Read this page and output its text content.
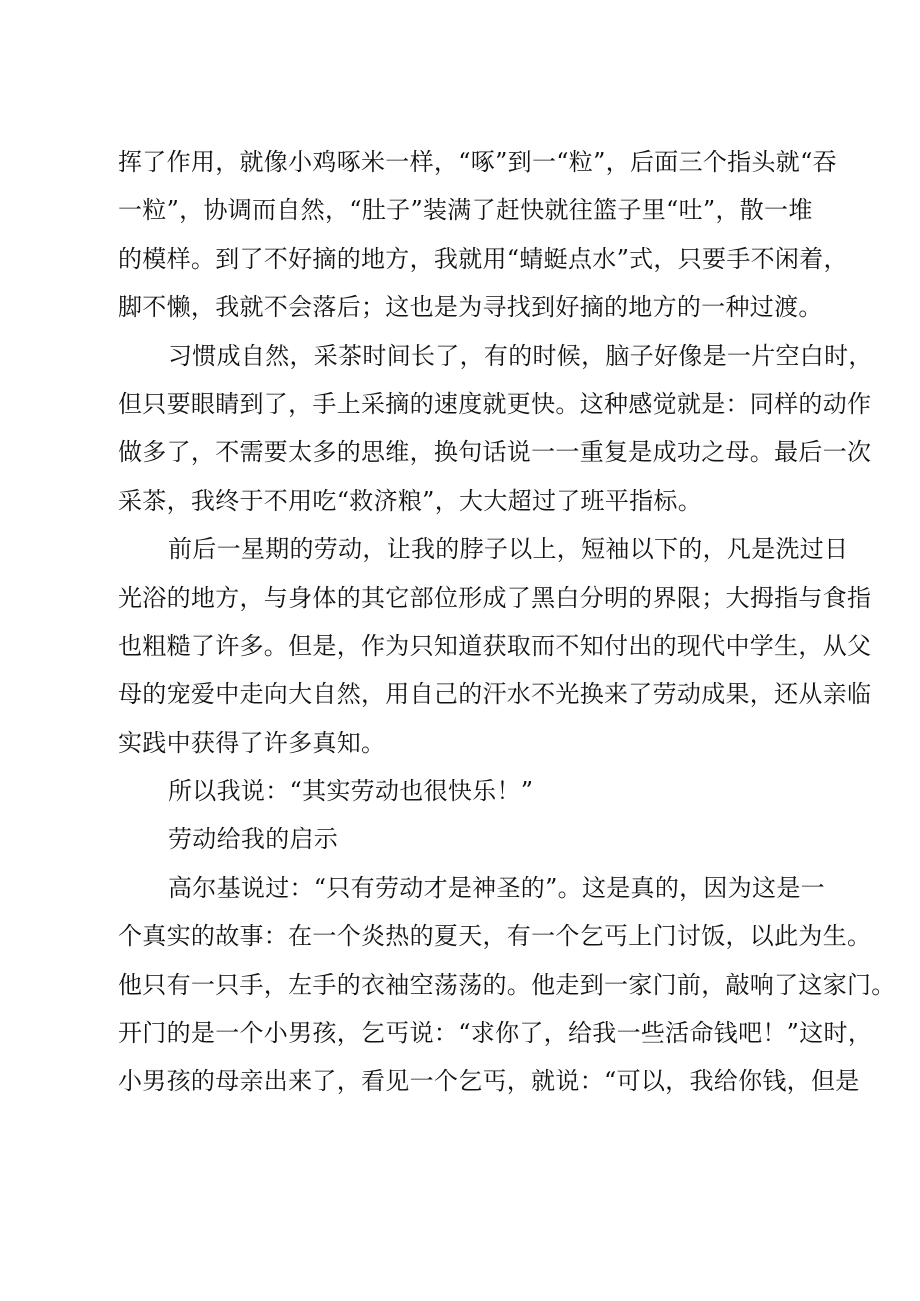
挥了作用，就像小鸡啄米一样，“啄”到一“粒”，后面三个指头就“吞
一粒”，协调而自然，“肚子”装满了赶快就往篮子里“吐”，散一堆
的模样。到了不好摘的地方，我就用“蜻蜓点水”式，只要手不闲着，
脚不懒，我就不会落后；这也是为寻找到好摘的地方的一种过渡。
习惯成自然，采茶时间长了，有的时候，脑子好像是一片空白时，
但只要眼睛到了，手上采摘的速度就更快。这种感觉就是：同样的动作
做多了，不需要太多的思维，换句话说一一重复是成功之母。最后一次
采茶，我终于不用吃“救济粮”，大大超过了班平指标。
前后一星期的劳动，让我的脖子以上，短袖以下的，凡是洗过日
光浴的地方，与身体的其它部位形成了黑白分明的界限；大拇指与食指
也粗糙了许多。但是，作为只知道获取而不知付出的现代中学生，从父
母的宠爱中走向大自然，用自己的汗水不光换来了劳动成果，还从亲临
实践中获得了许多真知。
所以我说：“其实劳动也很快乐！”
劳动给我的启示
高尔基说过：“只有劳动才是神圣的”。这是真的，因为这是一
个真实的故事：在一个炎热的夏天，有一个乞丐上门讨饭，以此为生。
他只有一只手，左手的衣袖空荡荡的。他走到一家门前，敲响了这家门。
开门的是一个小男孩，乞丐说：“求你了，给我一些活命钱吧！”这时，
小男孩的母亲出来了，看见一个乞丐，就说：“可以，我给你钱，但是
